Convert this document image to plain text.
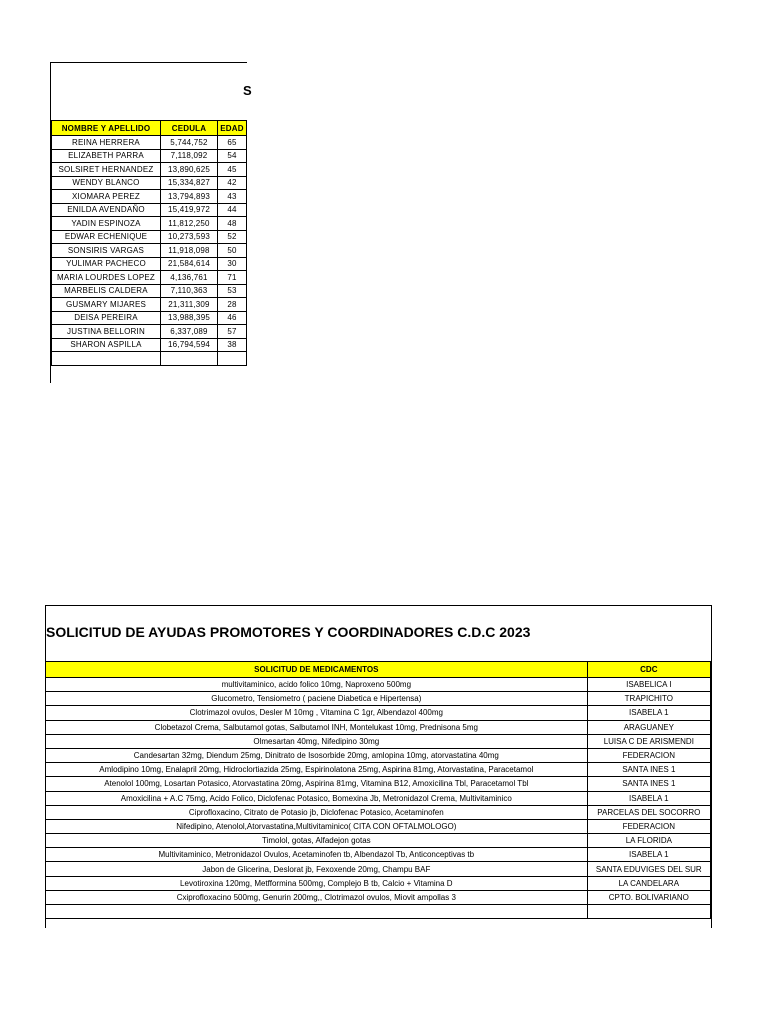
S
NOMBRE Y APELLIDO	CEDULA	EDAD
REINA HERRERA	5,744,752	65
ELIZABETH PARRA	7,118,092	54
SOLSIRET HERNANDEZ	13,890,625	45
WENDY BLANCO	15,334,827	42
XIOMARA PEREZ	13,794,893	43
ENILDA AVENDAÑO	15,419,972	44
YADIN ESPINOZA	11,812,250	48
EDWAR ECHENIQUE	10,273,593	52
SONSIRIS VARGAS	11,918,098	50
YULIMAR PACHECO	21,584,614	30
MARIA LOURDES LOPEZ	4,136,761	71
MARBELIS CALDERA	7,110,363	53
GUSMARY MIJARES	21,311,309	28
DEISA PEREIRA	13,988,395	46
JUSTINA BELLORIN	6,337,089	57
SHARON ASPILLA	16,794,594	38

SOLICITUD DE AYUDAS PROMOTORES Y COORDINADORES C.D.C 2023
SOLICITUD DE MEDICAMENTOS	CDC
multivitaminico, acido folico 10mg, Naproxeno 500mg	ISABELICA I
Glucometro, Tensiometro ( paciene Diabetica e Hipertensa)	TRAPICHITO
Clotrimazol ovulos, Desler M 10mg , Vitamina C 1gr, Albendazol 400mg	ISABELA 1
Clobetazol Crema, Salbutamol gotas, Salbutamol INH, Montelukast 10mg, Prednisona 5mg	ARAGUANEY
Olmesartan 40mg, Nifedipino 30mg	LUISA C DE ARISMENDI
Candesartan 32mg, Diendum 25mg, Dinitrato de Isosorbide 20mg, amlopina 10mg, atorvastatina 40mg	FEDERACION
Amlodipino 10mg, Enalapril 20mg, Hidroclortiazida 25mg, Espirinolatona 25mg, Aspirina 81mg, Atorvastatina, Paracetamol	SANTA INES 1
Atenolol 100mg, Losartan Potasico, Atorvastatina 20mg, Aspirina 81mg, Vitamina B12, Amoxicilina Tbl, Paracetamol Tbl	SANTA INES 1
Amoxicilina + A.C 75mg, Acido Folico, Diclofenac Potasico, Bomexina Jb, Metronidazol Crema, Multivitaminico	ISABELA 1
Ciprofloxacino, Citrato de Potasio jb, Diclofenac Potasico, Acetaminofen	PARCELAS DEL SOCORRO
Nifedipino, Atenolol,Atorvastatina,Multivitaminico( CITA CON OFTALMOLOGO)	FEDERACION
Timolol, gotas, Alfadejon gotas	LA FLORIDA
Multivitaminico, Metronidazol Ovulos, Acetaminofen tb, Albendazol Tb, Anticonceptivas tb	ISABELA 1
Jabon de Glicerina, Deslorat jb, Fexoxende 20mg, Champu BAF	SANTA EDUVIGES DEL SUR
Levotiroxina 120mg, Metfformina 500mg, Complejo B tb, Calcio + Vitamina D	LA CANDELARA
Cxiprofloxacino 500mg, Genurin 200mg,, Clotrimazol ovulos, Miovit ampollas 3	CPTO. BOLIVARIANO
